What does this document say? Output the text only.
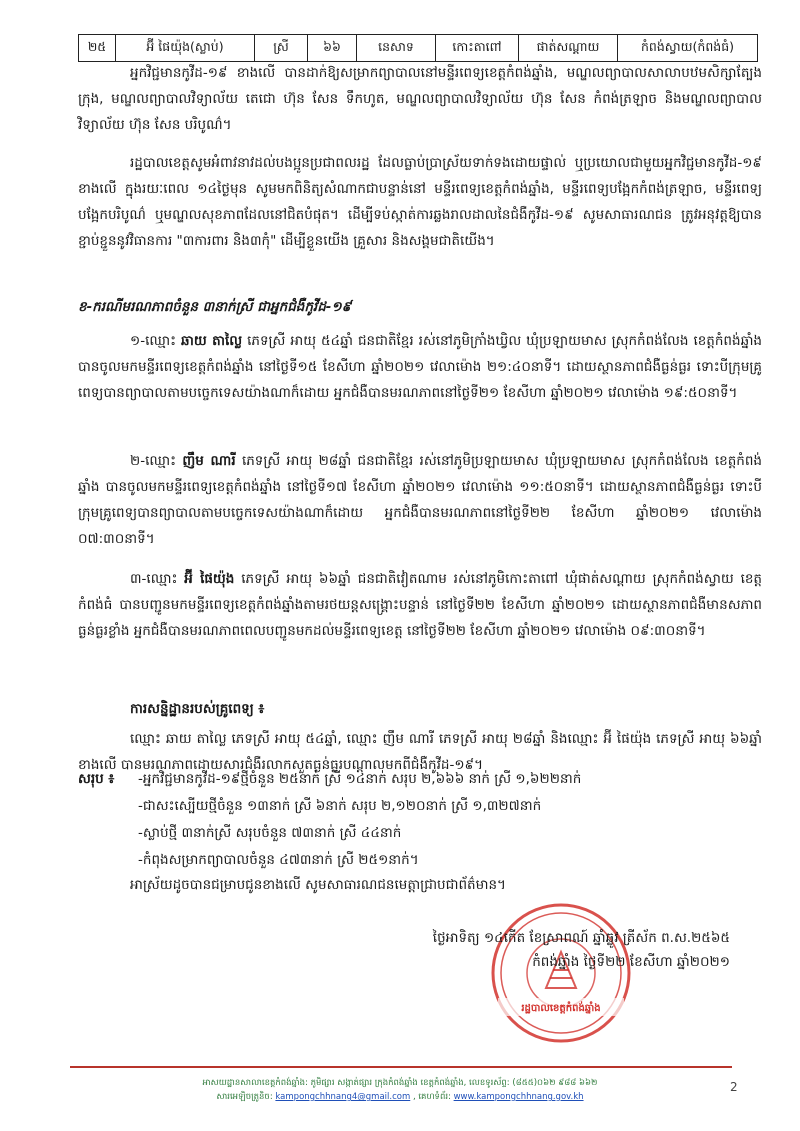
២៥	អ៊ី ផៃយ៉ុង(ស្លាប់)	ស្រី	៦៦	នេសាទ	កោះតាពៅ	ផាត់សណ្ដាយ	កំពង់ស្វាយ(កំពង់ធំ)

អ្នកវិជ្ជមានកូវីដ-១៩ ខាងលើ បានដាក់ឱ្យសម្រាកព្យាបាលនៅមន្ទីរពេទ្យខេត្តកំពង់ឆ្នាំង, មណ្ឌលព្យាបាលសាលាបឋមសិក្សាត្បែងក្រុង, មណ្ឌលព្យាបាលវិទ្យាល័យ តេជោ ហ៊ុន សែន ទឹកហូត, មណ្ឌលព្យាបាលវិទ្យាល័យ ហ៊ុន សែន កំពង់ត្រឡាច និងមណ្ឌលព្យាបាលវិទ្យាល័យ ហ៊ុន សែន បរិបូណ៌។

រដ្ឋបាលខេត្តសូមអំពាវនាវដល់បងប្អូនប្រជាពលរដ្ឋ ដែលធ្លាប់ប្រាស្រ័យទាក់ទងដោយផ្ទាល់ ឬប្រយោលជាមួយអ្នកវិជ្ជមានកូវីដ-១៩ ខាងលើ ក្នុងរយៈពេល ១៤ថ្ងៃមុន សូមមកពិនិត្យសំណាកជាបន្ទាន់នៅ មន្ទីរពេទ្យខេត្តកំពង់ឆ្នាំង, មន្ទីរពេទ្យបង្អែកកំពង់ត្រឡាច, មន្ទីរពេទ្យបង្អែកបរិបូណ៌ ឬមណ្ឌលសុខភាពដែលនៅជិតបំផុត។ ដើម្បីទប់ស្កាត់ការឆ្លងរាលដាលនៃជំងឺកូវីដ-១៩ សូមសាធារណជន ត្រូវអនុវត្តឱ្យបានខ្ជាប់ខ្ជួននូវវិធានការ "៣ការពារ និង៣កុំ" ដើម្បីខ្លួនយើង គ្រួសារ និងសង្គមជាតិយើង។

ខ-ករណីមរណភាពចំនួន ៣នាក់ស្រី ជាអ្នកជំងឺកូវីដ-១៩

១-ឈ្មោះ ឆាយ តាល្លៃ ភេទស្រី អាយុ ៥៤ឆ្នាំ ជនជាតិខ្មែរ រស់នៅភូមិក្រាំងឃ្វិល ឃុំប្រឡាយមាស ស្រុកកំពង់លែង ខេត្តកំពង់ឆ្នាំង បានចូលមកមន្ទីរពេទ្យខេត្តកំពង់ឆ្នាំង នៅថ្ងៃទី១៥ ខែសីហា ឆ្នាំ២០២១ វេលាម៉ោង ២១:៤០នាទី។ ដោយស្ថានភាពជំងឺធ្ងន់ធ្ងរ ទោះបីក្រុមគ្រូពេទ្យបានព្យាបាលតាមបច្ចេកទេសយ៉ាងណាក៏ដោយ អ្នកជំងឺបានមរណភាពនៅថ្ងៃទី២១ ខែសីហា ឆ្នាំ២០២១ វេលាម៉ោង ១៩:៥០នាទី។

២-ឈ្មោះ ញឹម ណារី ភេទស្រី អាយុ ២៨ឆ្នាំ ជនជាតិខ្មែរ រស់នៅភូមិប្រឡាយមាស ឃុំប្រឡាយមាស ស្រុកកំពង់លែង ខេត្តកំពង់ឆ្នាំង បានចូលមកមន្ទីរពេទ្យខេត្តកំពង់ឆ្នាំង នៅថ្ងៃទី១៧ ខែសីហា ឆ្នាំ២០២១ វេលាម៉ោង ១១:៥០នាទី។ ដោយស្ថានភាពជំងឺធ្ងន់ធ្ងរ ទោះបីក្រុមគ្រូពេទ្យបានព្យាបាលតាមបច្ចេកទេសយ៉ាងណាក៏ដោយ អ្នកជំងឺបានមរណភាពនៅថ្ងៃទី២២ ខែសីហា ឆ្នាំ២០២១ វេលាម៉ោង ០៧:៣០នាទី។

៣-ឈ្មោះ អ៊ី ផៃយ៉ុង ភេទស្រី អាយុ ៦៦ឆ្នាំ ជនជាតិវៀតណាម រស់នៅភូមិកោះតាពៅ ឃុំផាត់សណ្ដាយ ស្រុកកំពង់ស្វាយ ខេត្តកំពង់ធំ បានបញ្ជូនមកមន្ទីរពេទ្យខេត្តកំពង់ឆ្នាំងតាមរថយន្តសង្គ្រោះបន្ទាន់ នៅថ្ងៃទី២២ ខែសីហា ឆ្នាំ២០២១ ដោយស្ថានភាពជំងឺមានសភាពធ្ងន់ធ្ងរខ្លាំង អ្នកជំងឺបានមរណភាពពេលបញ្ជូនមកដល់មន្ទីរពេទ្យខេត្ត នៅថ្ងៃទី២២ ខែសីហា ឆ្នាំ២០២១ វេលាម៉ោង ០៩:៣០នាទី។

ការសន្និដ្ឋានរបស់គ្រូពេទ្យ ៖

ឈ្មោះ ឆាយ តាល្លៃ ភេទស្រី អាយុ ៥៤ឆ្នាំ, ឈ្មោះ ញឹម ណារី ភេទស្រី អាយុ ២៨ឆ្នាំ និងឈ្មោះ អ៊ី ផៃយ៉ុង ភេទស្រី អាយុ ៦៦ឆ្នាំ ខាងលើ បានមរណភាពដោយសារជំងឺរលាកសួតធ្ងន់ធ្ងរបណ្ដាលមកពីជំងឺកូវីដ-១៩។

សរុប ៖	-អ្នកវិជ្ជមានកូវីដ-១៩ថ្មីចំនួន ២៥នាក់ ស្រី ១៤នាក់ សរុប ២,៦៦៦ នាក់ ស្រី ១,៦២២នាក់
-ជាសះស្បើយថ្មីចំនួន ១៣នាក់ ស្រី ៦នាក់ សរុប ២,១២០នាក់ ស្រី ១,៣២៧នាក់
-ស្លាប់ថ្មី ៣នាក់ស្រី សរុបចំនួន ៧៣នាក់ ស្រី ៤៤នាក់
-កំពុងសម្រាកព្យាបាលចំនួន ៤៧៣នាក់ ស្រី ២៥១នាក់។
អាស្រ័យដូចបានជម្រាបជូនខាងលើ សូមសាធារណជនមេត្តាជ្រាបជាព័ត៌មាន។
រដ្ឋបាលខេត្តកំពង់ឆ្នាំង
ថ្ងៃអាទិត្យ ១៤កើត ខែស្រាពណ៍ ឆ្នាំឆ្លូវ ត្រីស័ក ព.ស.២៥៦៥
កំពង់ឆ្នាំង ថ្ងៃទី២២ ខែសីហា ឆ្នាំ២០២១
អាសយដ្ឋានសាលាខេត្តកំពង់ឆ្នាំង: ភូមិផ្សារ សង្កាត់ផ្សារ ក្រុងកំពង់ឆ្នាំង ខេត្តកំពង់ឆ្នាំង, លេខទូរស័ព្ទ: (៨៥៥)០៦២ ៩៨៨ ៦៦២
សារអេឡិចត្រូនិច: kampongchhnang4@gmail.com , គេហទំព័រ: www.kampongchhnang.gov.kh
2
